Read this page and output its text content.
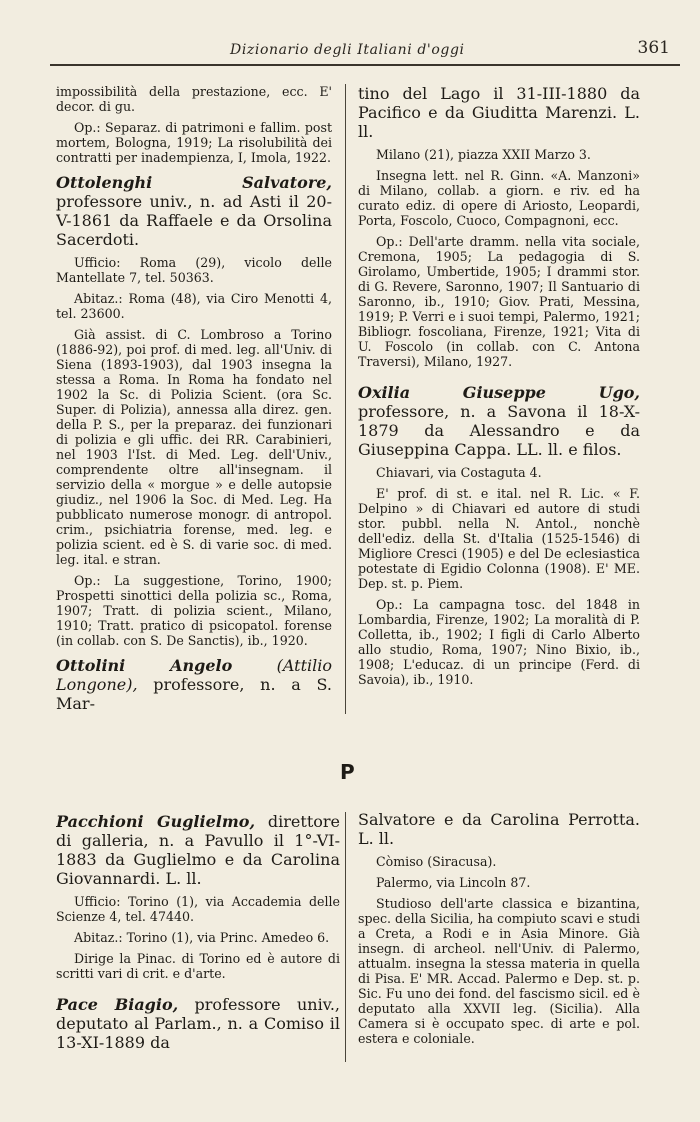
Dizionario degli Italiani d'oggi	361

impossibilità della prestazione, ecc. E' decor. di gu.

Op.: Separaz. di patrimoni e fallim. post mortem, Bologna, 1919; La risolubilità dei contratti per inadempienza, I, Imola, 1922.

Ottolenghi Salvatore, professore univ., n. ad Asti il 20-V-1861 da Raffaele e da Orsolina Sacerdoti.

Ufficio: Roma (29), vicolo delle Mantellate 7, tel. 50363.

Abitaz.: Roma (48), via Ciro Menotti 4, tel. 23600.

Già assist. di C. Lombroso a Torino (1886-92), poi prof. di med. leg. all'Univ. di Siena (1893-1903), dal 1903 insegna la stessa a Roma. In Roma ha fondato nel 1902 la Sc. di Polizia Scient. (ora Sc. Super. di Polizia), annessa alla direz. gen. della P. S., per la preparaz. dei funzionari di polizia e gli uffic. dei RR. Carabinieri, nel 1903 l'Ist. di Med. Leg. dell'Univ., comprendente oltre all'insegnam. il servizio della « morgue » e delle autopsie giudiz., nel 1906 la Soc. di Med. Leg. Ha pubblicato numerose monogr. di antropol. crim., psichiatria forense, med. leg. e polizia scient. ed è S. di varie soc. di med. leg. ital. e stran.

Op.: La suggestione, Torino, 1900; Prospetti sinottici della polizia sc., Roma, 1907; Tratt. di polizia scient., Milano, 1910; Tratt. pratico di psicopatol. forense (in collab. con S. De Sanctis), ib., 1920.

Ottolini Angelo (Attilio Longone), professore, n. a S. Mar-

tino del Lago il 31-III-1880 da Pacifico e da Giuditta Marenzi. L. ll.

Milano (21), piazza XXII Marzo 3.

Insegna lett. nel R. Ginn. «A. Manzoni» di Milano, collab. a giorn. e riv. ed ha curato ediz. di opere di Ariosto, Leopardi, Porta, Foscolo, Cuoco, Compagnoni, ecc.

Op.: Dell'arte dramm. nella vita sociale, Cremona, 1905; La pedagogia di S. Girolamo, Umbertide, 1905; I drammi stor. di G. Revere, Saronno, 1907; Il Santuario di Saronno, ib., 1910; Giov. Prati, Messina, 1919; P. Verri e i suoi tempi, Palermo, 1921; Bibliogr. foscoliana, Firenze, 1921; Vita di U. Foscolo (in collab. con C. Antona Traversi), Milano, 1927.

Oxilia Giuseppe Ugo, professore, n. a Savona il 18-X-1879 da Alessandro e da Giuseppina Cappa. LL. ll. e filos.

Chiavari, via Costaguta 4.

E' prof. di st. e ital. nel R. Lic. « F. Delpino » di Chiavari ed autore di studi stor. pubbl. nella N. Antol., nonchè dell'ediz. della St. d'Italia (1525-1546) di Migliore Cresci (1905) e del De eclesiastica potestate di Egidio Colonna (1908). E' ME. Dep. st. p. Piem.

Op.: La campagna tosc. del 1848 in Lombardia, Firenze, 1902; La moralità di P. Colletta, ib., 1902; I figli di Carlo Alberto allo studio, Roma, 1907; Nino Bixio, ib., 1908; L'educaz. di un principe (Ferd. di Savoia), ib., 1910.

P

Pacchioni Guglielmo, direttore di galleria, n. a Pavullo il 1°-VI-1883 da Guglielmo e da Carolina Giovannardi. L. ll.

Ufficio: Torino (1), via Accademia delle Scienze 4, tel. 47440.

Abitaz.: Torino (1), via Princ. Amedeo 6.

Dirige la Pinac. di Torino ed è autore di scritti vari di crit. e d'arte.

Pace Biagio, professore univ., deputato al Parlam., n. a Comiso il 13-XI-1889 da

Salvatore e da Carolina Perrotta. L. ll.

Còmiso (Siracusa).

Palermo, via Lincoln 87.

Studioso dell'arte classica e bizantina, spec. della Sicilia, ha compiuto scavi e studi a Creta, a Rodi e in Asia Minore. Già insegn. di archeol. nell'Univ. di Palermo, attualm. insegna la stessa materia in quella di Pisa. E' MR. Accad. Palermo e Dep. st. p. Sic. Fu uno dei fond. del fascismo sicil. ed è deputato alla XXVII leg. (Sicilia). Alla Camera si è occupato spec. di arte e pol. estera e coloniale.
